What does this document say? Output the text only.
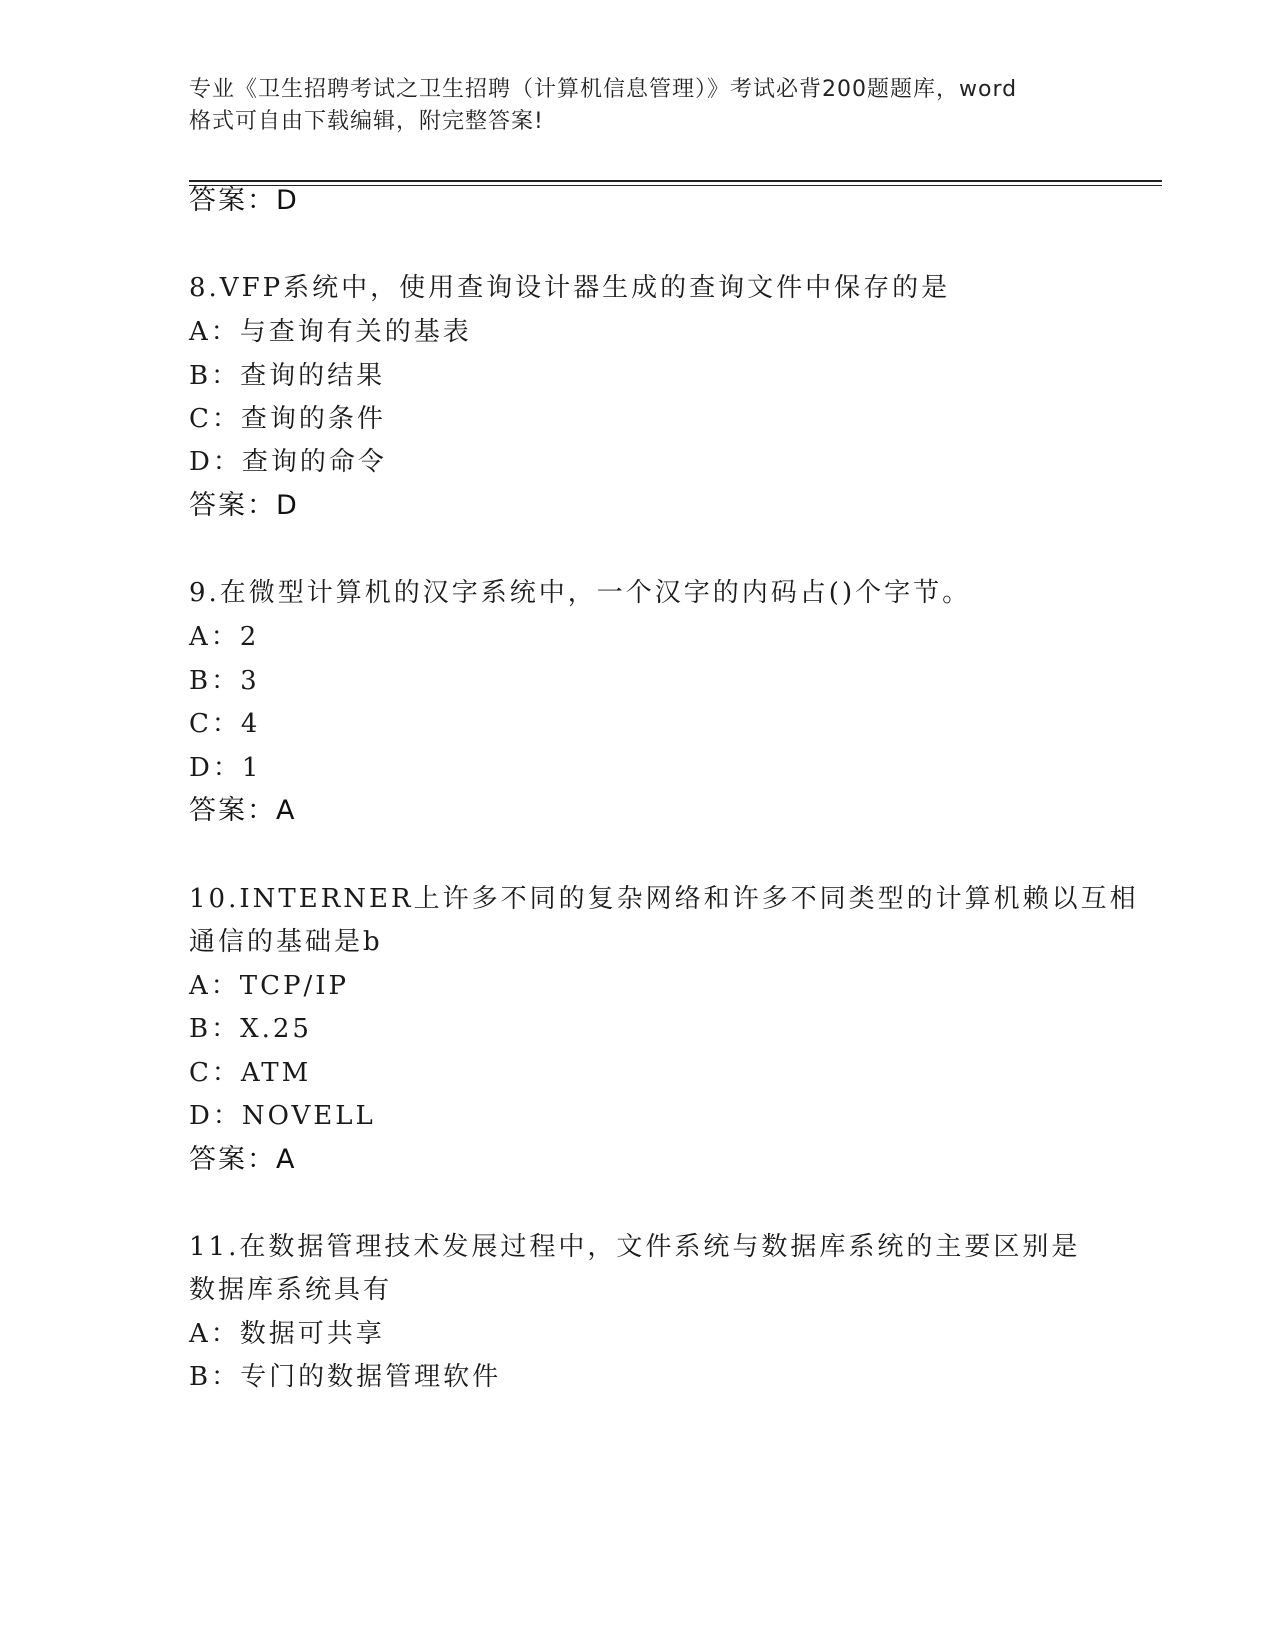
专业《卫生招聘考试之卫生招聘（计算机信息管理）》考试必背200题题库，word
格式可自由下载编辑，附完整答案!
答案：D
8.VFP系统中，使用查询设计器生成的查询文件中保存的是
A：与查询有关的基表
B：查询的结果
C：查询的条件
D：查询的命令
答案：D
9.在微型计算机的汉字系统中，一个汉字的内码占()个字节。
A：2
B：3
C：4
D：1
答案：A
10.INTERNER上许多不同的复杂网络和许多不同类型的计算机赖以互相
通信的基础是b
A：TCP/IP
B：X.25
C：ATM
D：NOVELL
答案：A
11.在数据管理技术发展过程中，文件系统与数据库系统的主要区别是
数据库系统具有
A：数据可共享
B：专门的数据管理软件
